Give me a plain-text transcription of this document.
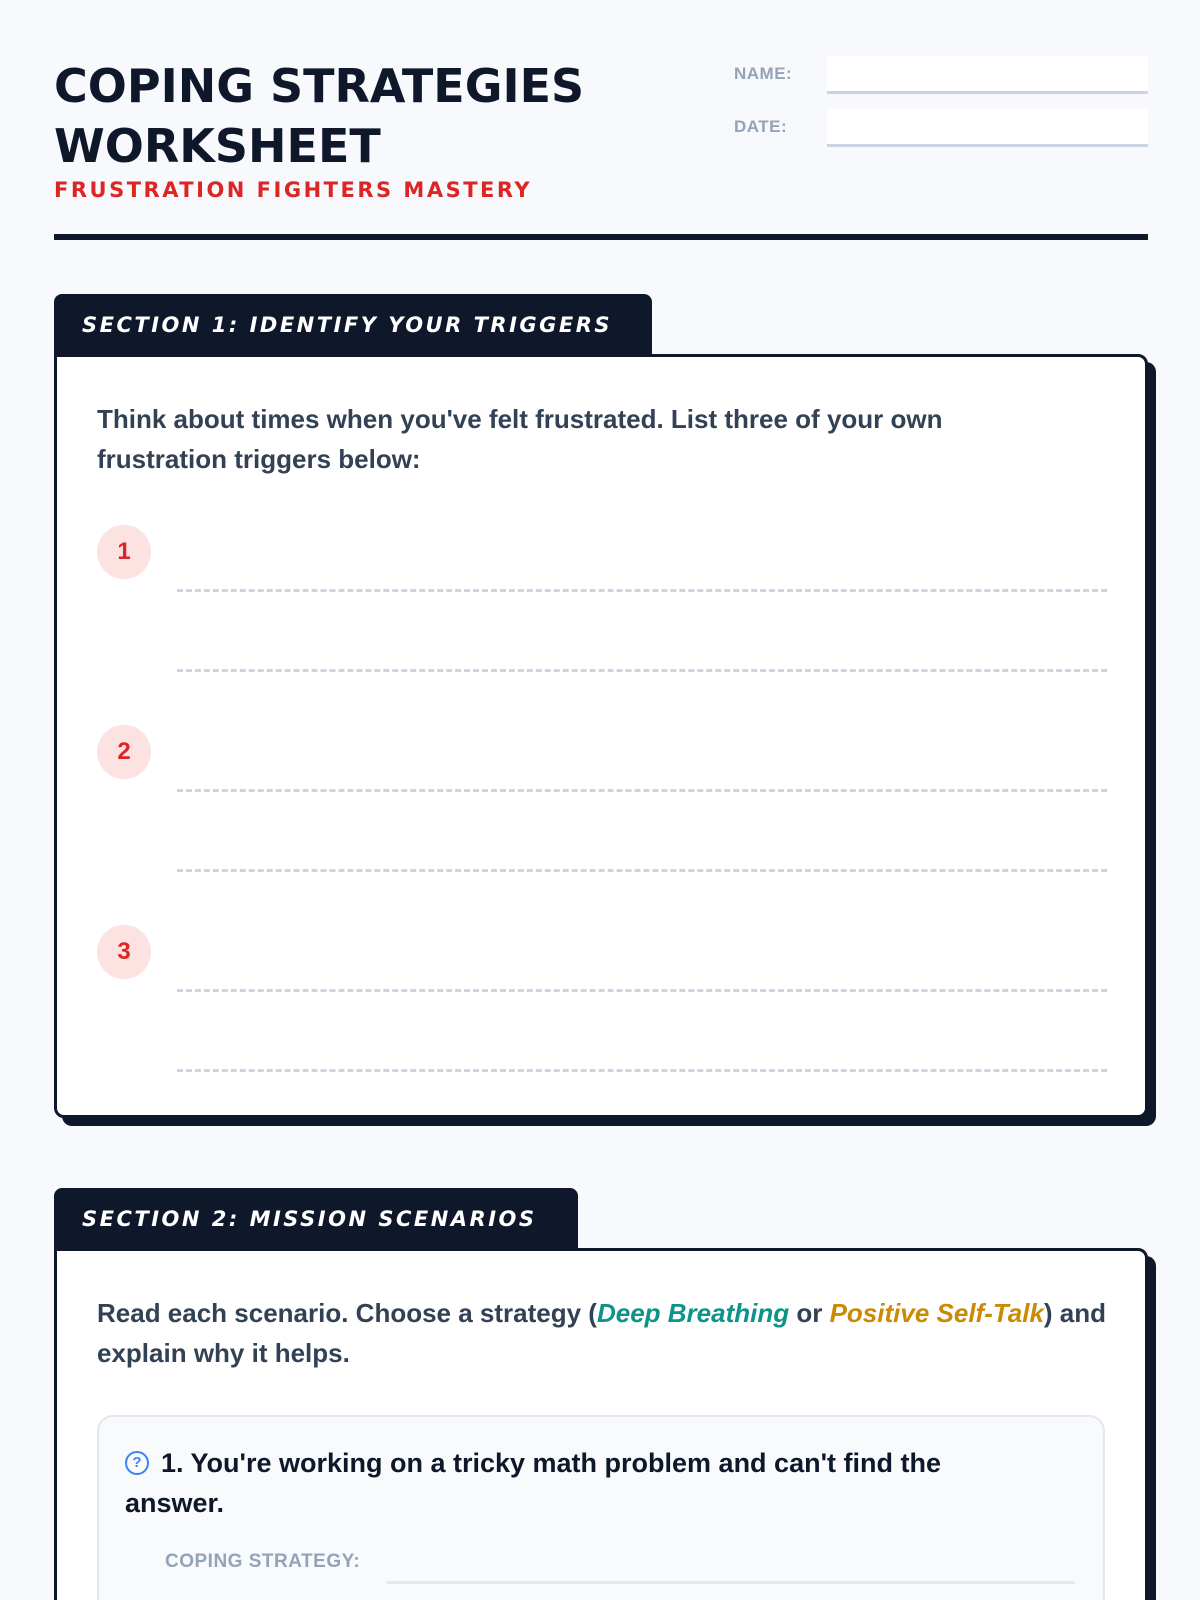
COPING STRATEGIES WORKSHEET
FRUSTRATION FIGHTERS MASTERY
NAME:
DATE:
SECTION 1: IDENTIFY YOUR TRIGGERS

Think about times when you've felt frustrated. List three of your own frustration triggers below:

1
2
3
SECTION 2: MISSION SCENARIOS

Read each scenario. Choose a strategy (Deep Breathing or Positive Self-Talk) and explain why it helps.

? 1. You're working on a tricky math problem and can't find the answer.
COPING STRATEGY:
